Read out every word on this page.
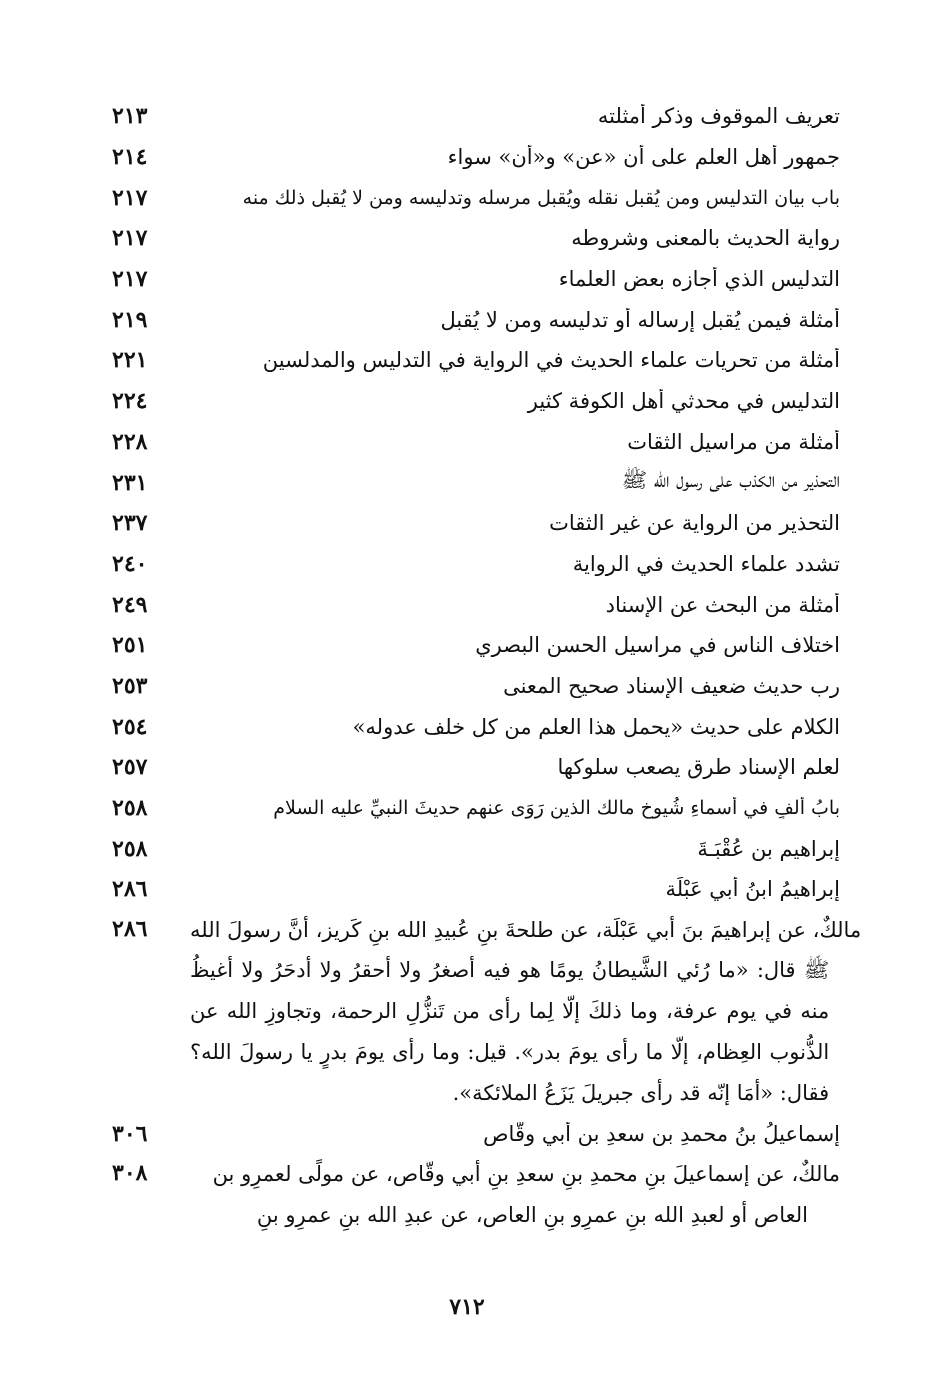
٢١٣	تعريف الموقوف وذكر أمثلته
٢١٤	جمهور أهل العلم على أن «عن» و«أن» سواء
٢١٧	باب بيان التدليس ومن يُقبل نقله ويُقبل مرسله وتدليسه ومن لا يُقبل ذلك منه
٢١٧	رواية الحديث بالمعنى وشروطه
٢١٧	التدليس الذي أجازه بعض العلماء
٢١٩	أمثلة فيمن يُقبل إرساله أو تدليسه ومن لا يُقبل
٢٢١	أمثلة من تحريات علماء الحديث في الرواية في التدليس والمدلسين
٢٢٤	التدليس في محدثي أهل الكوفة كثير
٢٢٨	أمثلة من مراسيل الثقات
٢٣١	التحذير من الكذب على رسول الله ﷺ
٢٣٧	التحذير من الرواية عن غير الثقات
٢٤٠	تشدد علماء الحديث في الرواية
٢٤٩	أمثلة من البحث عن الإسناد
٢٥١	اختلاف الناس في مراسيل الحسن البصري
٢٥٣	رب حديث ضعيف الإسناد صحيح المعنى
٢٥٤	الكلام على حديث «يحمل هذا العلم من كل خلف عدوله»
٢٥٧	لعلم الإسناد طرق يصعب سلوكها
٢٥٨	بابُ ألفٍ في أسماءِ شُيوخِ مالك الذين رَوَى عنهم حديثَ النبيِّ عليه السلام
٢٥٨	إبراهيم بن عُقْبَـةَ
٢٨٦	إبراهيمُ ابنُ أبي عَبْلَة
٢٨٦	مالكٌ، عن إبراهيمَ بنَ أبي عَبْلَة، عن طلحةَ بنِ عُبيدِ الله بنِ كَريز، أنَّ رسولَ الله
ﷺ قال: «ما رُئي الشَّيطانُ يومًا هو فيه أصغرُ ولا أحقرُ ولا أدحَرُ ولا أغيظُ منه في يوم عرفة، وما ذلكَ إلّا لِما رأى من تَنزُّلِ الرحمة، وتجاوزِ الله عن الذُّنوب العِظام، إلّا ما رأى يومَ بدر». قيل: وما رأى يومَ بدرٍ يا رسولَ الله؟ فقال: «أمَا إنّه قد رأى جبريلَ يَزَعُ الملائكة».
٣٠٦	إسماعيلُ بنُ محمدِ بنِ سعدِ بنِ أبي وقّاص
٣٠٨	مالكٌ، عن إسماعيلَ بنِ محمدِ بنِ سعدِ بنِ أبي وقّاص، عن مولًى لعمرِو بن
العاص أو لعبدِ الله بنِ عمرِو بنِ العاص، عن عبدِ الله بنِ عمرِو بنِ
٧١٢
